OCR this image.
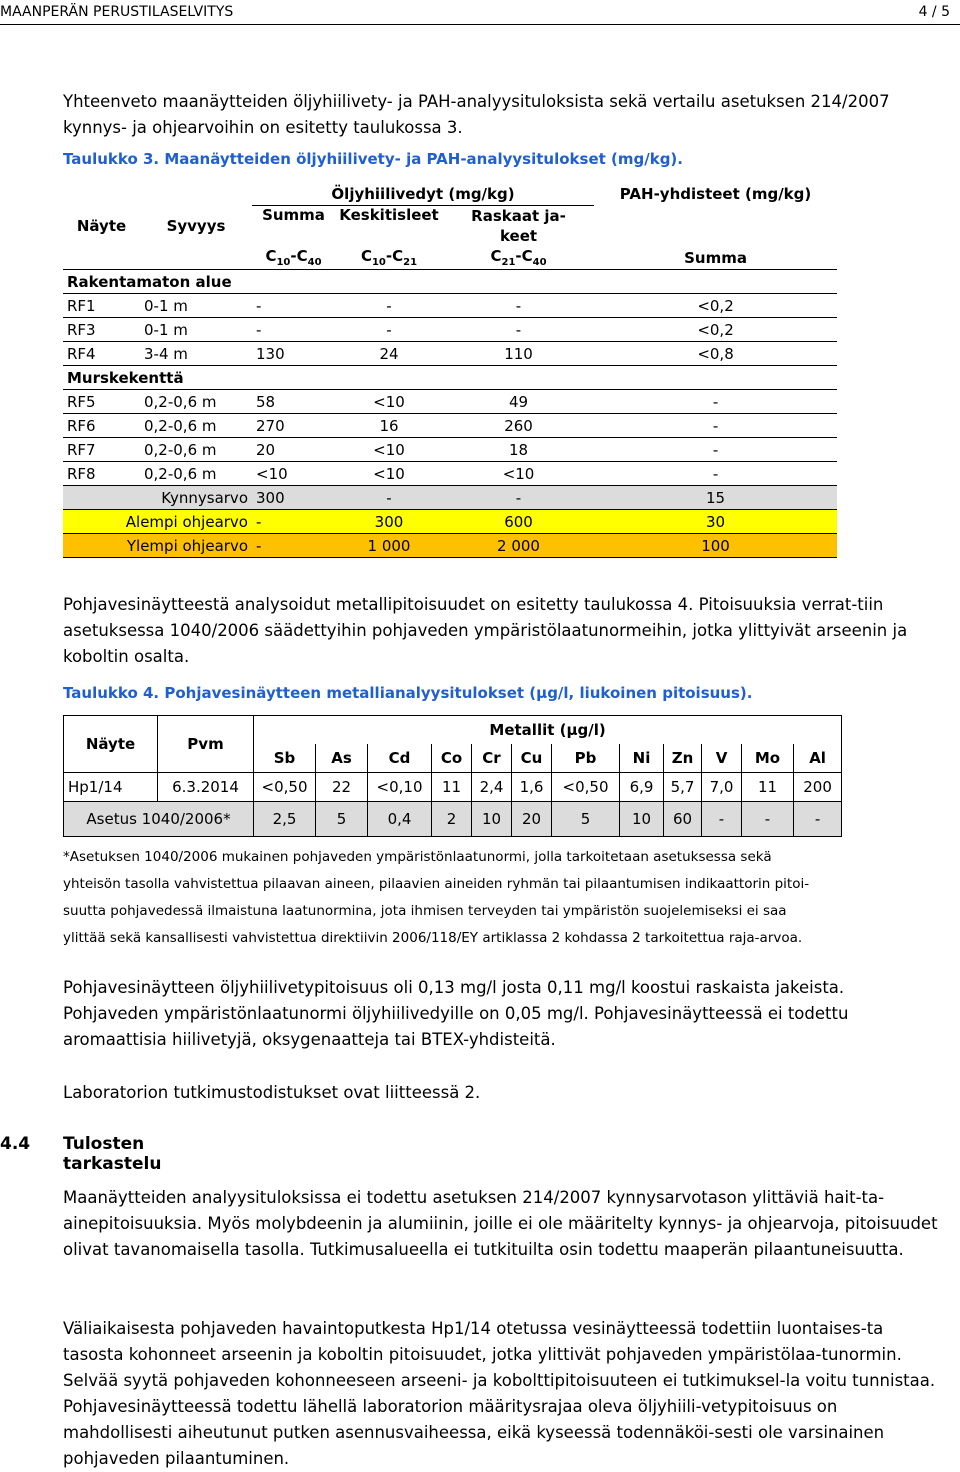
MAANPERÄN PERUSTILASELVITYS	4 / 5

Yhteenveto maanäytteiden öljyhiilivety- ja PAH-analyysituloksista sekä vertailu asetuksen 214/2007 kynnys- ja ohjearvoihin on esitetty taulukossa 3.

Taulukko 3. Maanäytteiden öljyhiilivety- ja PAH-analyysitulokset (mg/kg).
Näyte	Syvyys	Öljyhiilivedyt (mg/kg)			PAH-yhdisteet (mg/kg)
		Summa	Keskitisleet	Raskaat ja-keet	
		$C_{10}-C_{40}$	$C_{10}-C_{21}$	$C_{21}-C_{40}$	Summa
Rakentamaton alue					
RF1	0-1 m	-	-	-	<0,2
RF3	0-1 m	-	-	-	<0,2
RF4	3-4 m	130	24	110	<0,8
Murskekenttä					
RF5	0,2-0,6 m	58	<10	49	-
RF6	0,2-0,6 m	270	16	260	-
RF7	0,2-0,6 m	20	<10	18	-
RF8	0,2-0,6 m	<10	<10	<10	-
Kynnysarvo		300	-	-	15
Alempi ohjearvo		-	300	600	30
Ylempi ohjearvo		-	1 000	2 000	100

Pohjavesinäytteestä analysoidut metallipitoisuudet on esitetty taulukossa 4. Pitoisuuksia verrat-tiin asetuksessa 1040/2006 säädettyihin pohjaveden ympäristölaatunormeihin, jotka ylittyivät arseenin ja koboltin osalta.

Taulukko 4. Pohjavesinäytteen metallianalyysitulokset (µg/l, liukoinen pitoisuus).
Näyte	Pvm	Metallit (µg/l)											
		Sb	As	Cd	Co	Cr	Cu	Pb	Ni	Zn	V	Mo	Al
Hp1/14	6.3.2014	<0,50	22	<0,10	11	2,4	1,6	<0,50	6,9	5,7	7,0	11	200
Asetus 1040/2006*		2,5	5	0,4	2	10	20	5	10	60	-	-	-

*Asetuksen 1040/2006 mukainen pohjaveden ympäristönlaatunormi, jolla tarkoitetaan asetuksessa sekä

yhteisön tasolla vahvistettua pilaavan aineen, pilaavien aineiden ryhmän tai pilaantumisen indikaattorin pitoi-

suutta pohjavedessä ilmaistuna laatunormina, jota ihmisen terveyden tai ympäristön suojelemiseksi ei saa

ylittää sekä kansallisesti vahvistettua direktiivin 2006/118/EY artiklassa 2 kohdassa 2 tarkoitettua raja-arvoa.

Pohjavesinäytteen öljyhiilivetypitoisuus oli 0,13 mg/l josta 0,11 mg/l koostui raskaista jakeista. Pohjaveden ympäristönlaatunormi öljyhiilivedyille on 0,05 mg/l. Pohjavesinäytteessä ei todettu aromaattisia hiilivetyjä, oksygenaatteja tai BTEX-yhdisteitä.

Laboratorion tutkimustodistukset ovat liitteessä 2.

4.4 Tulosten tarkastelu

Maanäytteiden analyysituloksissa ei todettu asetuksen 214/2007 kynnysarvotason ylittäviä hait-ta-ainepitoisuuksia. Myös molybdeenin ja alumiinin, joille ei ole määritelty kynnys- ja ohjearvoja, pitoisuudet olivat tavanomaisella tasolla. Tutkimusalueella ei tutkituilta osin todettu maaperän pilaantuneisuutta.

Väliaikaisesta pohjaveden havaintoputkesta Hp1/14 otetussa vesinäytteessä todettiin luontaises-ta tasosta kohonneet arseenin ja koboltin pitoisuudet, jotka ylittivät pohjaveden ympäristölaa-tunormin. Selvää syytä pohjaveden kohonneeseen arseeni- ja kobolttipitoisuuteen ei tutkimuksel-la voitu tunnistaa. Pohjavesinäytteessä todettu lähellä laboratorion määritysrajaa oleva öljyhiili-vetypitoisuus on mahdollisesti aiheutunut putken asennusvaiheessa, eikä kyseessä todennäköi-sesti ole varsinainen pohjaveden pilaantuminen.
